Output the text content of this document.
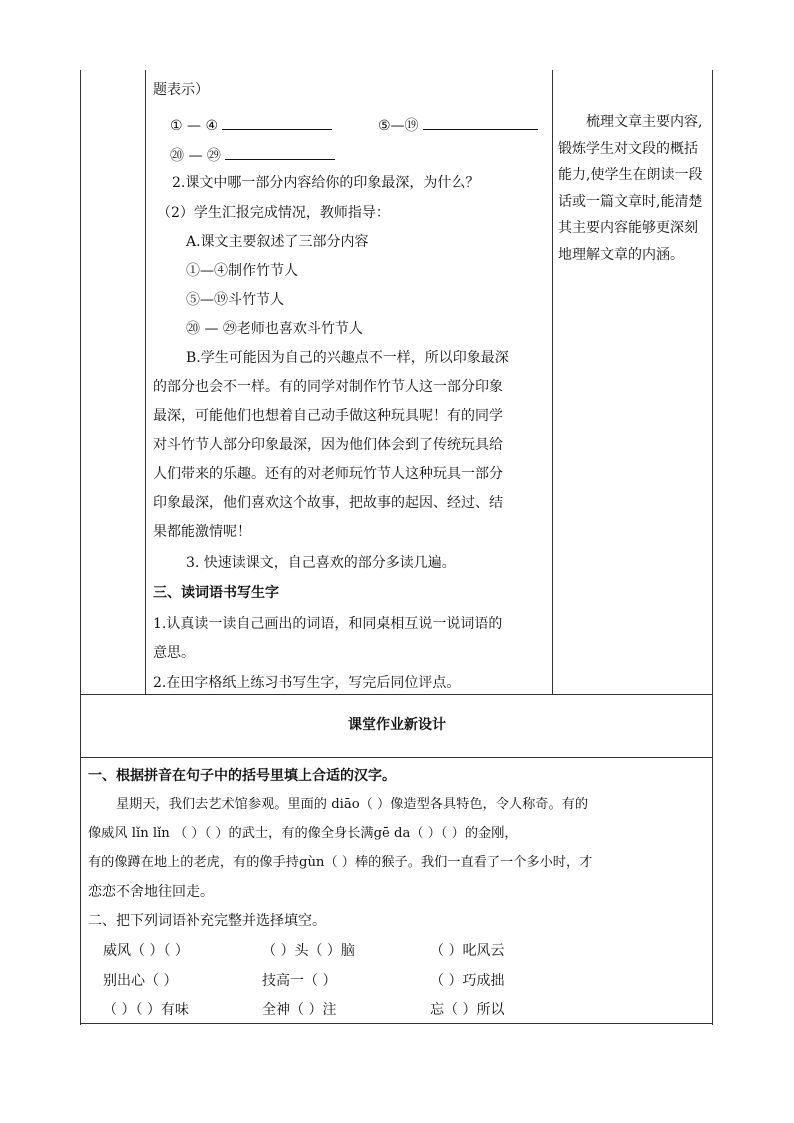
题表示）
① — ④	⑤—⑲
⑳ — ㉙
2.课文中哪一部分内容给你的印象最深，为什么？
（2）学生汇报完成情况，教师指导：
A.课文主要叙述了三部分内容
①—④制作竹节人
⑤—⑲斗竹节人
⑳ — ㉙老师也喜欢斗竹节人
B.学生可能因为自己的兴趣点不一样，所以印象最深
的部分也会不一样。有的同学对制作竹节人这一部分印象
最深，可能他们也想着自己动手做这种玩具呢！有的同学
对斗竹节人部分印象最深，因为他们体会到了传统玩具给
人们带来的乐趣。还有的对老师玩竹节人这种玩具一部分
印象最深，他们喜欢这个故事，把故事的起因、经过、结
果都能激情呢！
3. 快速读课文，自己喜欢的部分多读几遍。
三、读词语书写生字
1.认真读一读自己画出的词语，和同桌相互说一说词语的
意思。
2.在田字格纸上练习书写生字，写完后同位评点。
梳理文章主要内容,锻炼学生对文段的概括能力,使学生在朗读一段话或一篇文章时,能清楚其主要内容能够更深刻地理解文章的内涵。
课堂作业新设计
一、根据拼音在句子中的括号里填上合适的汉字。
星期天，我们去艺术馆参观。里面的 diāo（ ）像造型各具特色，令人称奇。有的
像威风 lǐn lǐn （ ）（ ）的武士，有的像全身长满gē da（ ）（ ）的金刚，
有的像蹲在地上的老虎，有的像手持gùn（ ）棒的猴子。我们一直看了一个多小时，才
恋恋不舍地往回走。
二、把下列词语补充完整并选择填空。
威风（ ）（ ）	（ ）头（ ）脑	（ ）叱风云
别出心（ ）	技高一（ ）	（ ）巧成拙
（ ）（ ）有味	全神（ ）注	忘（ ）所以
